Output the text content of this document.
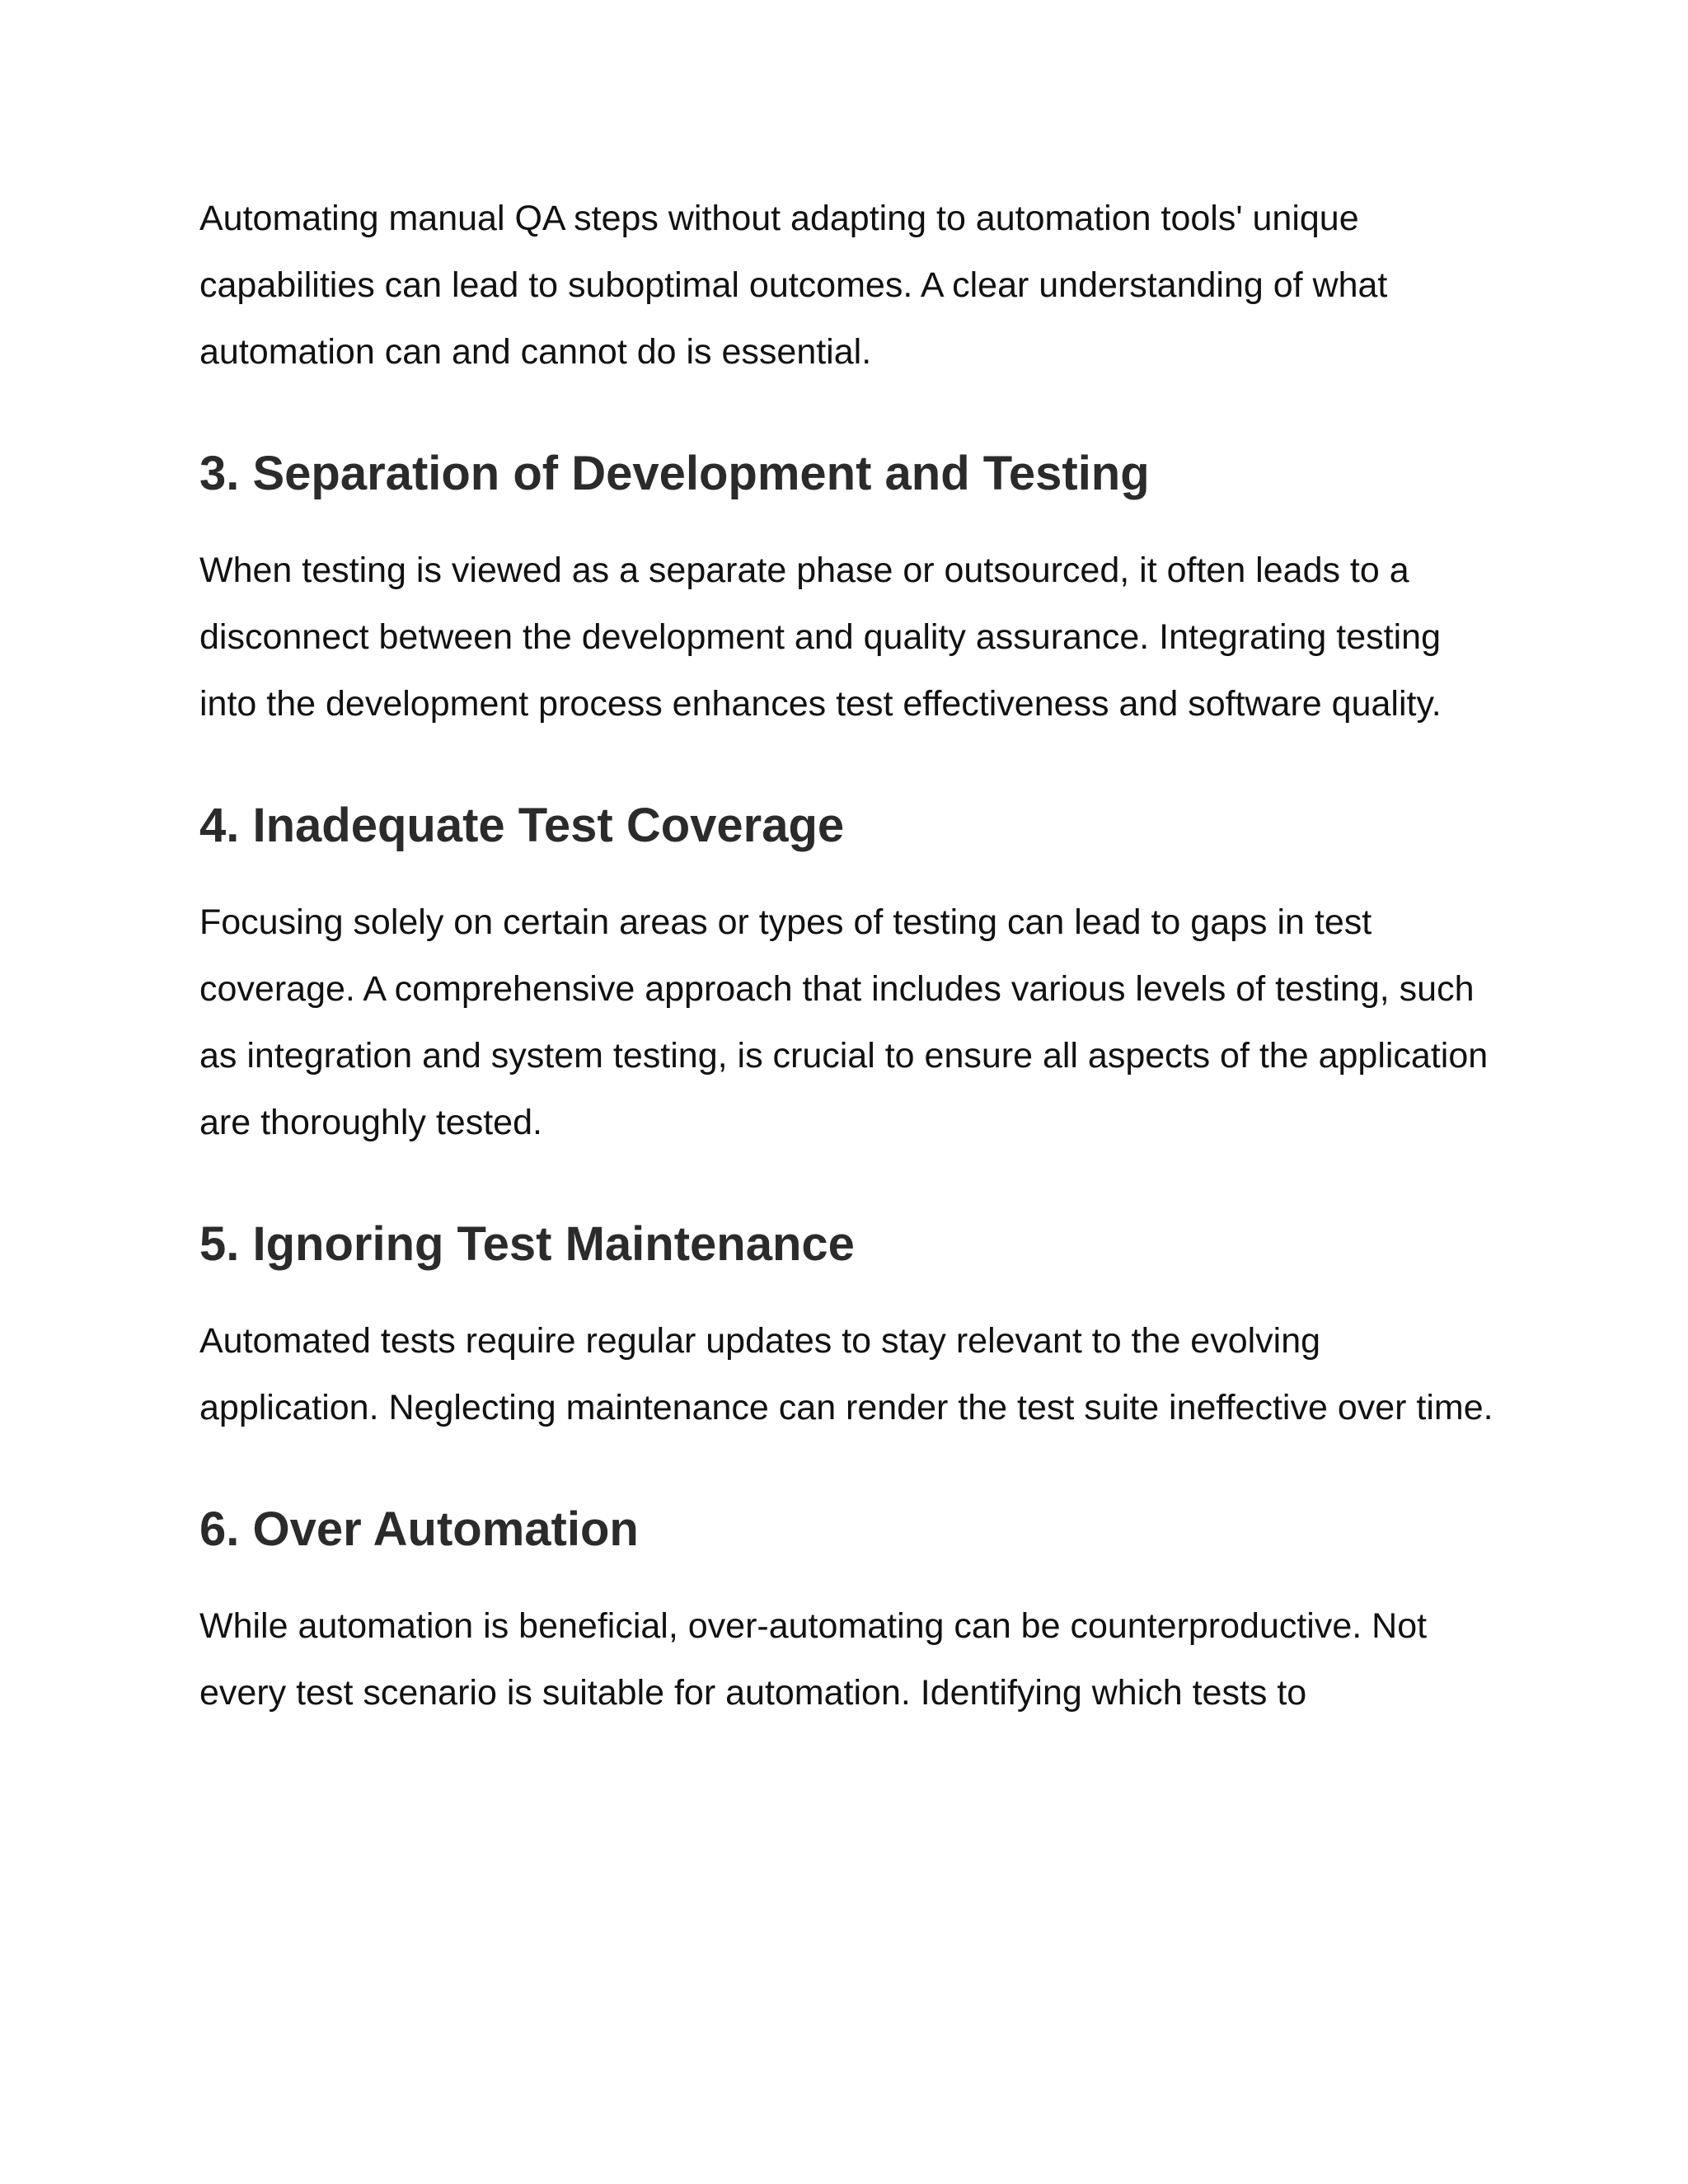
Automating manual QA steps without adapting to automation tools' unique capabilities can lead to suboptimal outcomes. A clear understanding of what automation can and cannot do is essential.

3. Separation of Development and Testing

When testing is viewed as a separate phase or outsourced, it often leads to a disconnect between the development and quality assurance. Integrating testing into the development process enhances test effectiveness and software quality.

4. Inadequate Test Coverage

Focusing solely on certain areas or types of testing can lead to gaps in test coverage. A comprehensive approach that includes various levels of testing, such as integration and system testing, is crucial to ensure all aspects of the application are thoroughly tested.

5. Ignoring Test Maintenance

Automated tests require regular updates to stay relevant to the evolving application. Neglecting maintenance can render the test suite ineffective over time.

6. Over Automation

While automation is beneficial, over-automating can be counterproductive. Not every test scenario is suitable for automation. Identifying which tests to
